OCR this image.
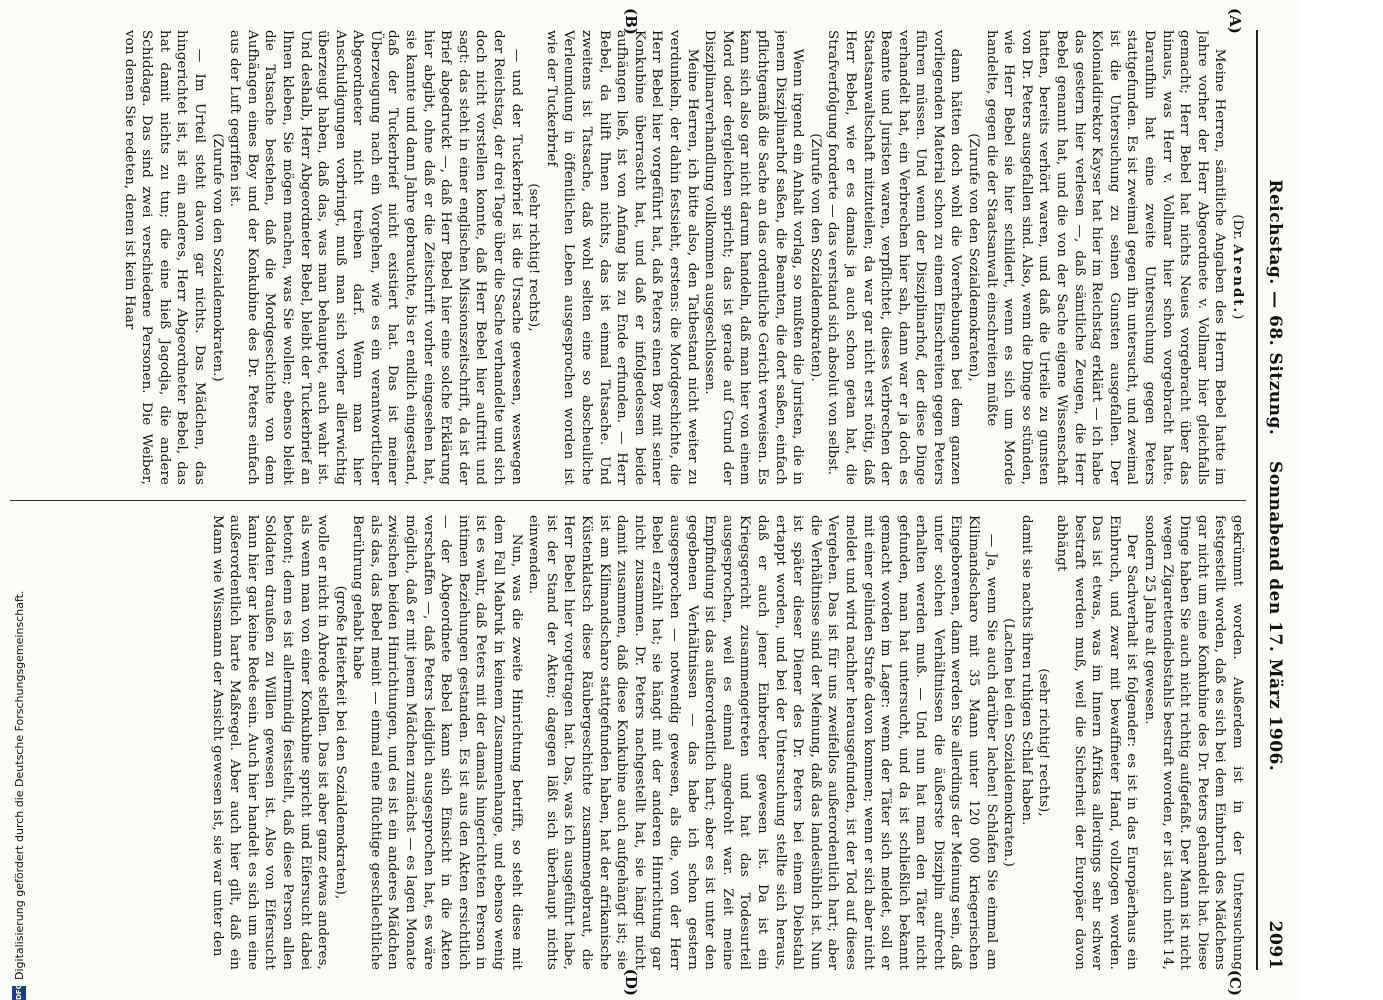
Reichstag. — 68. Sitzung.    Sonnabend den 17. März 1906.
2091
(A)
(B)
(C)
(D)

(Dr. Arendt.)

Meine Herren, sämtliche Angaben des Herrn Bebel hatte im Jahre vorher der Herr Abgeordnete v. Vollmar hier gleichfalls gemacht; Herr Bebel hat nichts Neues vorgebracht über das hinaus, was Herr v. Vollmar hier schon vorgebracht hatte. Daraufhin hat eine zweite Untersuchung gegen Peters stattgefunden. Es ist zweimal gegen ihn untersucht, und zweimal ist die Untersuchung zu seinen Gunsten ausgefallen. Der Kolonialdirektor Kayser hat hier im Reichstag erklärt — ich habe das gestern hier verlesen —, daß sämtliche Zeugen, die Herr Bebel genannt hat, und die von der Sache eigene Wissenschaft hatten, bereits verhört waren, und daß die Urteile zu gunsten von Dr. Peters ausgefallen sind. Also, wenn die Dinge so stünden, wie Herr Bebel sie hier schildert, wenn es sich um Morde handelte, gegen die der Staatsanwalt einschreiten müßte

(Zurufe von den Sozialdemokraten),

dann hätten doch wohl die Vorerhebungen bei dem ganzen vorliegenden Material schon zu einem Einschreiten gegen Peters führen müssen. Und wenn der Disziplinarhof, der diese Dinge verhandelt hat, ein Verbrechen hier sah, dann war er ja doch es Beamte und Juristen waren, verpflichtet, dieses Verbrechen der Staatsanwaltschaft mitzuteilen; da war gar nicht erst nötig, daß Herr Bebel, wie er es damals ja auch schon getan hat, die Strafverfolgung forderte — das verstand sich absolut von selbst.

(Zurufe von den Sozialdemokraten).

Wenn irgend ein Anhalt vorlag, so mußten die Juristen, die in jenem Disziplinarhof saßen, die Beamten, die dort saßen, einfach pflichtgemäß die Sache an das ordentliche Gericht verweisen. Es kann sich also gar nicht darum handeln, daß man hier von einem Mord oder dergleichen spricht; das ist gerade auf Grund der Disziplinarverhandlung vollkommen ausgeschlossen.

Meine Herren, ich bitte also, den Tatbestand nicht weiter zu verdunkeln, der dahin festsieht, erstens: die Mordgeschichte, die Herr Bebel hier vorgeführt hat, daß Peters einen Boy mit seiner Konkubine überrascht hat, und daß er infolgedessen beide aufhängen ließ, ist von Anfang bis zu Ende erfunden. — Herr Bebel, da hilft Ihnen nichts, das ist einmal Tatsache. Und zweitens ist Tatsache, daß wohl selten eine so abscheuliche Verleumdung in öffentlichen Leben ausgesprochen worden ist wie der Tuckerbrief

(sehr richtig! rechts),

— und der Tuckerbrief ist die Ursache gewesen, weswegen der Reichstag, der drei Tage über die Sache verhandelte und sich doch nicht vorstellen konnte, daß Herr Bebel hier auftritt und sagt: das steht in einer englischen Missionszeitschrift, da ist der Brief abgedruckt —, daß Herr Bebel hier eine solche Erklärung hier abgibt, ohne daß er die Zeitschrift vorher eingesehen hat, sie kannte und dann Jahre gebrauchte, bis er endlich eingestand, daß der Tuckerbrief nicht existiert hat. Das ist meiner Überzeugung nach ein Vorgehen, wie es ein verantwortlicher Abgeordneter nicht treiben darf. Wenn man hier Anschuldigungen vorbringt, muß man sich vorher allerwichtig überzeugt haben, daß das, was man behauptet, auch wahr ist. Und deshalb, Herr Abgeordneter Bebel, bleibt der Tuckerbrief an Ihnen kleben, Sie mögen machen, was Sie wollen; ebenso bleibt die Tatsache bestehen, daß die Mordgeschichte von dem Aufhängen eines Boy und der Konkubine des Dr. Peters einfach aus der Luft gegriffen ist.

(Zurufe von den Sozialdemokraten.)

— Im Urteil steht davon gar nichts. Das Mädchen, das hingerichtet ist, ist ein anderes, Herr Abgeordneter Bebel, das hat damit nichts zu tun; die eine hieß Jagodja, die andere Schiddaga. Das sind zwei verschiedene Personen. Die Weiber, von denen Sie redeten, denen ist kein Haar

gekrümmt worden. Außerdem ist in der Untersuchung festgestellt worden, daß es sich bei dem Einbruch des Mädchens gar nicht um eine Konkubine des Dr. Peters gehandelt hat. Diese Dinge haben Sie auch nicht richtig aufgefaßt. Der Mann ist nicht wegen Zigarettendiebstahls bestraft worden, er ist auch nicht 14, sondern 25 Jahre alt gewesen.

Der Sachverhalt ist folgender: es ist in das Europäerhaus ein Einbruch, und zwar mit bewaffneter Hand, vollzogen worden. Das ist etwas, was im Innern Afrikas allerdings sehr schwer bestraft werden muß, weil die Sicherheit der Europäer davon abhängt

(sehr richtig! rechts),

damit sie nachts ihren ruhigen Schlaf haben.

(Lachen bei den Sozialdemokraten.)

— Ja, wenn Sie auch darüber lachen! Schlafen Sie einmal am Kilimandscharo mit 35 Mann unter 120 000 kriegerischen Eingeborenen, dann werden Sie allerdings der Meinung sein, daß unter solchen Verhältnissen die äußerste Disziplin aufrecht erhalten werden muß. — Und nun hat man den Täter nicht gefunden, man hat untersucht, und da ist schließlich bekannt gemacht worden im Lager: wenn der Täter sich meldet, soll er mit einer gelinden Strafe davon kommen; wenn er sich aber nicht meldet und wird nachher herausgefunden, ist der Tod auf dieses Vergehen. Das ist für uns zweifellos außerordentlich hart; aber die Verhältnisse sind der Meinung, daß das landesüblich ist. Nun ist später dieser Diener des Dr. Peters bei einem Diebstahl ertappt worden, und bei der Untersuchung stellte sich heraus, daß er auch jener Einbrecher gewesen ist. Da ist ein Kriegsgericht zusammengetreten und hat das Todesurteil ausgesprochen, weil es einmal angedroht war. Zeit meine Empfindung ist das außerordentlich hart; aber es ist unter den gegebenen Verhältnissen — das habe ich schon gestern ausgesprochen — notwendig gewesen, als die, von der Herr Bebel erzählt hat; sie hängt mit der anderen Hinrichtung gar nicht zusammen. Dr. Peters nachgestellt hat, sie hängt nicht damit zusammen, daß diese Konkubine auch aufgehängt ist; sie ist am Kilimandscharo stattgefunden haben, hat der afrikanische Küstenklatsch diese Räubergeschichte zusammengebraut, die Herr Bebel hier vorgetragen hat. Das, was ich ausgeführt habe, ist der Stand der Akten; dagegen läßt sich überhaupt nichts einwenden.

Nun, was die zweite Hinrichtung betrifft, so steht diese mit dem Fall Mabruk in keinem Zusammenhange, und ebenso wenig ist es wahr, daß Peters mit der damals hingerichteten Person in intimen Beziehungen gestanden. Es ist aus den Akten ersichtlich — der Abgeordnete Bebel kann sich Einsicht in die Akten verschaffen —, daß Peters lediglich ausgesprochen hat, es wäre möglich, daß er mit jenem Mädchen zunächst — es lagen Monate zwischen beiden Hinrichtungen, und es ist ein anderes Mädchen als das, das Bebel meint — einmal eine flüchtige geschlechtliche Berührung gehabt habe

(große Heiterkeit bei den Sozialdemokraten),

wolle er nicht in Abrede stellen. Das ist aber ganz etwas anderes, als wenn man von einer Konkubine spricht und Eifersucht dabei betont; denn es ist allermindig feststellt, daß diese Person allen Soldaten draußen zu Willen gewesen ist. Also von Eifersucht kann hier gar keine Rede sein. Auch hier handelt es sich um eine außerordentlich harte Maßregel. Aber auch hier gilt, daß ein Mann wie Wissmann der Ansicht gewesen ist, sie war unter den

DFG
Digitalisierung gefördert durch die Deutsche Forschungsgemeinschaft.
